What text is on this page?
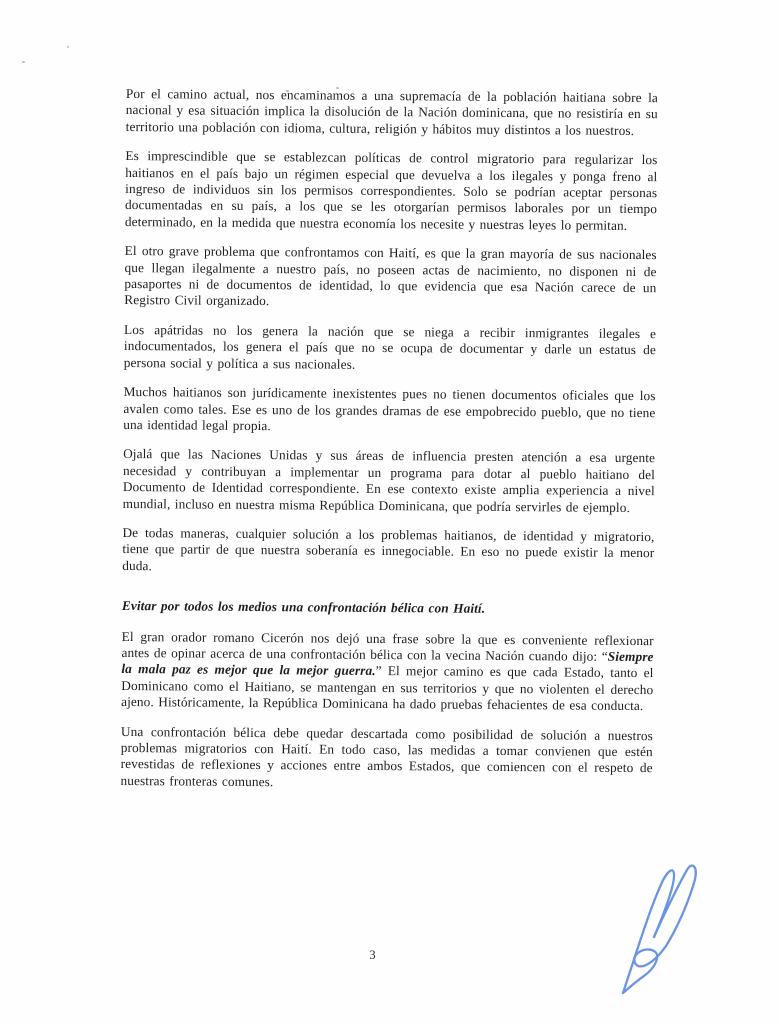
Por el camino actual, nos encaminamos a una supremacía de la población haitiana sobre la nacional y esa situación implica la disolución de la Nación dominicana, que no resistiría en su territorio una población con idioma, cultura, religión y hábitos muy distintos a los nuestros.

Es imprescindible que se establezcan políticas de control migratorio para regularizar los haitianos en el país bajo un régimen especial que devuelva a los ilegales y ponga freno al ingreso de individuos sin los permisos correspondientes. Solo se podrían aceptar personas documentadas en su país, a los que se les otorgarían permisos laborales por un tiempo determinado, en la medida que nuestra economía los necesite y nuestras leyes lo permitan.

El otro grave problema que confrontamos con Haití, es que la gran mayoría de sus nacionales que llegan ilegalmente a nuestro país, no poseen actas de nacimiento, no disponen ni de pasaportes ni de documentos de identidad, lo que evidencia que esa Nación carece de un Registro Civil organizado.

Los apátridas no los genera la nación que se niega a recibir inmigrantes ilegales e indocumentados, los genera el país que no se ocupa de documentar y darle un estatus de persona social y política a sus nacionales.

Muchos haitianos son jurídicamente inexistentes pues no tienen documentos oficiales que los avalen como tales. Ese es uno de los grandes dramas de ese empobrecido pueblo, que no tiene una identidad legal propia.

Ojalá que las Naciones Unidas y sus áreas de influencia presten atención a esa urgente necesidad y contribuyan a implementar un programa para dotar al pueblo haitiano del Documento de Identidad correspondiente. En ese contexto existe amplia experiencia a nivel mundial, incluso en nuestra misma República Dominicana, que podría servirles de ejemplo.

De todas maneras, cualquier solución a los problemas haitianos, de identidad y migratorio, tiene que partir de que nuestra soberanía es innegociable. En eso no puede existir la menor duda.

Evitar por todos los medios una confrontación bélica con Haití.

El gran orador romano Cicerón nos dejó una frase sobre la que es conveniente reflexionar antes de opinar acerca de una confrontación bélica con la vecina Nación cuando dijo: “Siempre la mala paz es mejor que la mejor guerra.” El mejor camino es que cada Estado, tanto el Dominicano como el Haitiano, se mantengan en sus territorios y que no violenten el derecho ajeno. Históricamente, la República Dominicana ha dado pruebas fehacientes de esa conducta.

Una confrontación bélica debe quedar descartada como posibilidad de solución a nuestros problemas migratorios con Haití. En todo caso, las medidas a tomar convienen que estén revestidas de reflexiones y acciones entre ambos Estados, que comiencen con el respeto de nuestras fronteras comunes.

3
